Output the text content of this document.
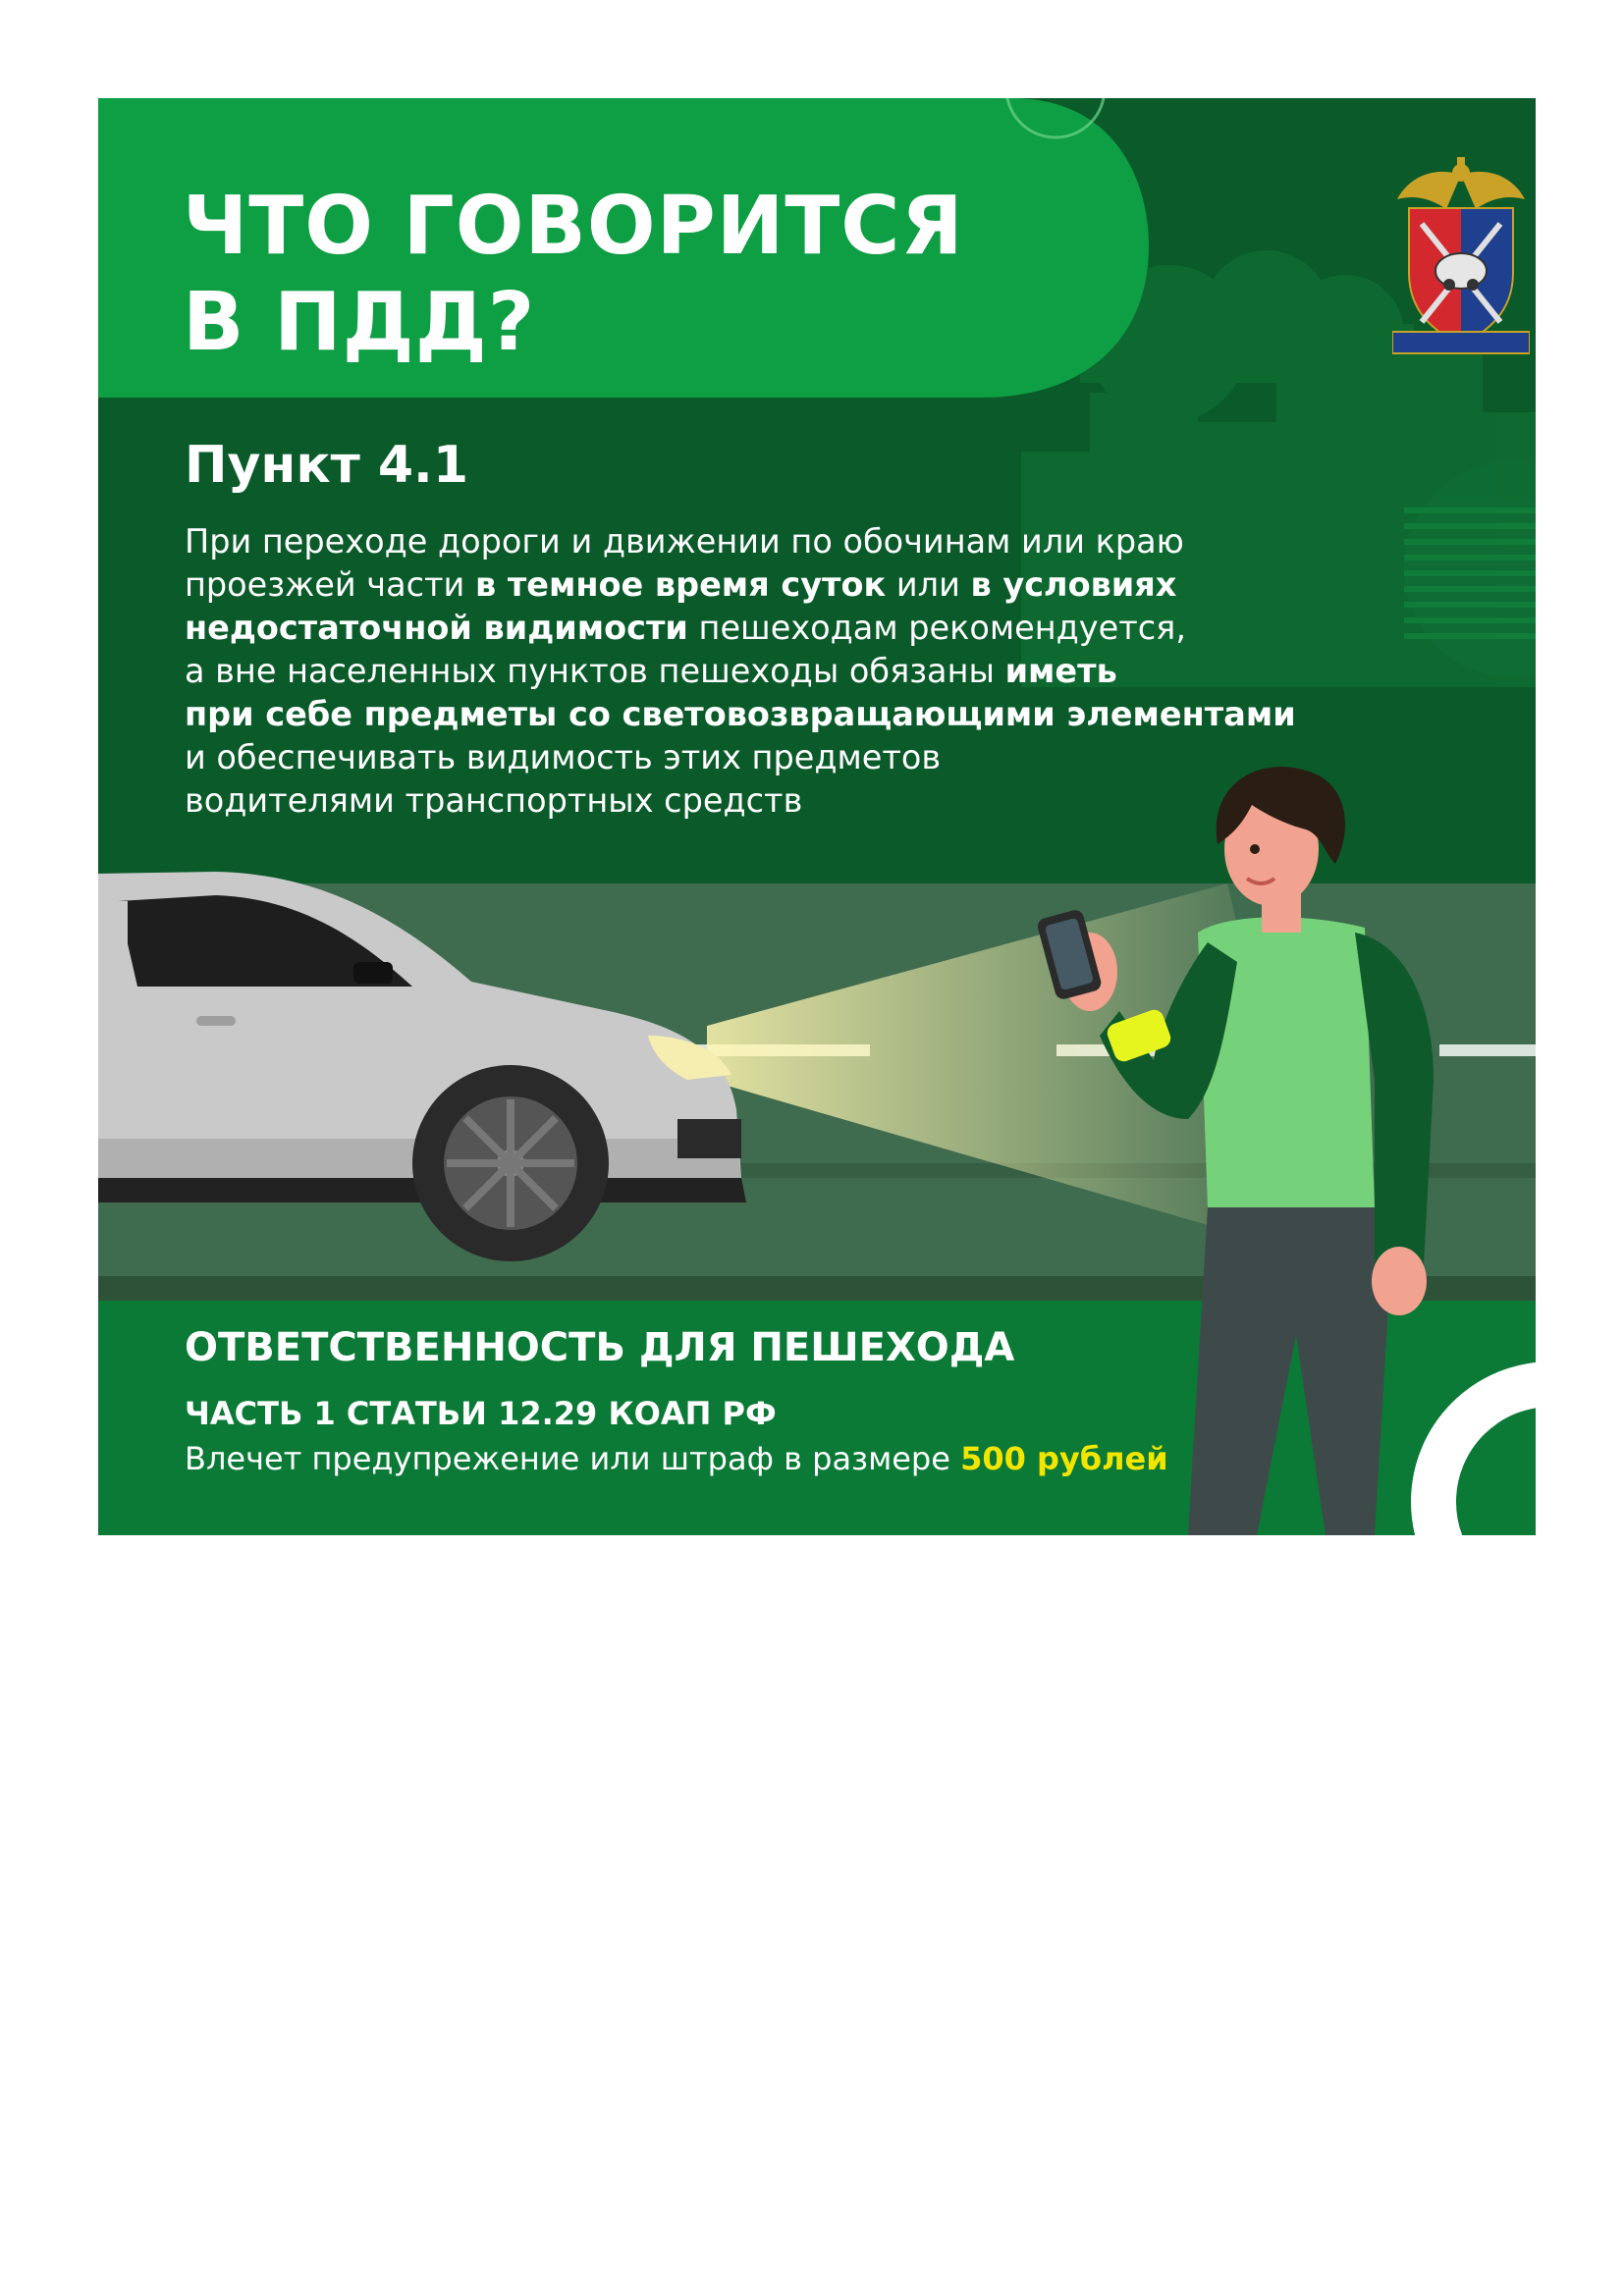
ЧТО ГОВОРИТСЯ
В ПДД?
Пункт 4.1

При переходе дороги и движении по обочинам или краю
проезжей части в темное время суток или в условиях
недостаточной видимости пешеходам рекомендуется,
а вне населенных пунктов пешеходы обязаны иметь
при себе предметы со световозвращающими элементами
и обеспечивать видимость этих предметов
водителями транспортных средств

ОТВЕТСТВЕННОСТЬ ДЛЯ ПЕШЕХОДА

ЧАСТЬ 1 СТАТЬИ 12.29 КОАП РФ

Влечет предупрежение или штраф в размере 500 рублей
